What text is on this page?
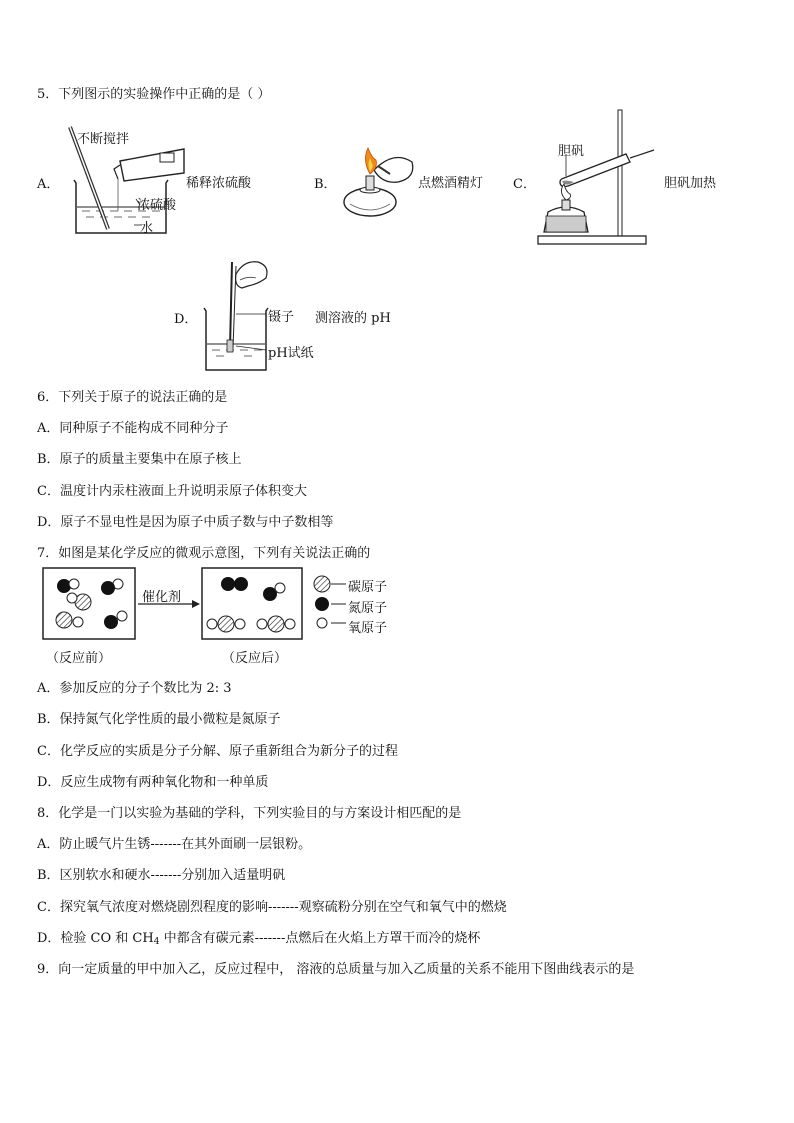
5．下列图示的实验操作中正确的是（ ）
A．
不断搅拌
稀释浓硫酸
浓硫酸
水
B．	点燃酒精灯 C．
胆矾
胆矾加热
D．	镊子 测溶液的 pH
pH试纸
6．下列关于原子的说法正确的是
A．同种原子不能构成不同种分子
B．原子的质量主要集中在原子核上
C．温度计内汞柱液面上升说明汞原子体积变大
D．原子不显电性是因为原子中质子数与中子数相等
7．如图是某化学反应的微观示意图，下列有关说法正确的
催化剂
碳原子
氮原子
氧原子
（反应前）	（反应后）
A．参加反应的分子个数比为 2: 3
B．保持氮气化学性质的最小微粒是氮原子
C．化学反应的实质是分子分解、原子重新组合为新分子的过程
D．反应生成物有两种氧化物和一种单质
8．化学是一门以实验为基础的学科，下列实验目的与方案设计相匹配的是
A．防止暖气片生锈-------在其外面刷一层银粉。
B．区别软水和硬水-------分别加入适量明矾
C．探究氧气浓度对燃烧剧烈程度的影响-------观察硫粉分别在空气和氧气中的燃烧
D．检验 CO 和 $CH_4$ 中都含有碳元素-------点燃后在火焰上方罩干而冷的烧杯
9．向一定质量的甲中加入乙，反应过程中， 溶液的总质量与加入乙质量的关系不能用下图曲线表示的是
